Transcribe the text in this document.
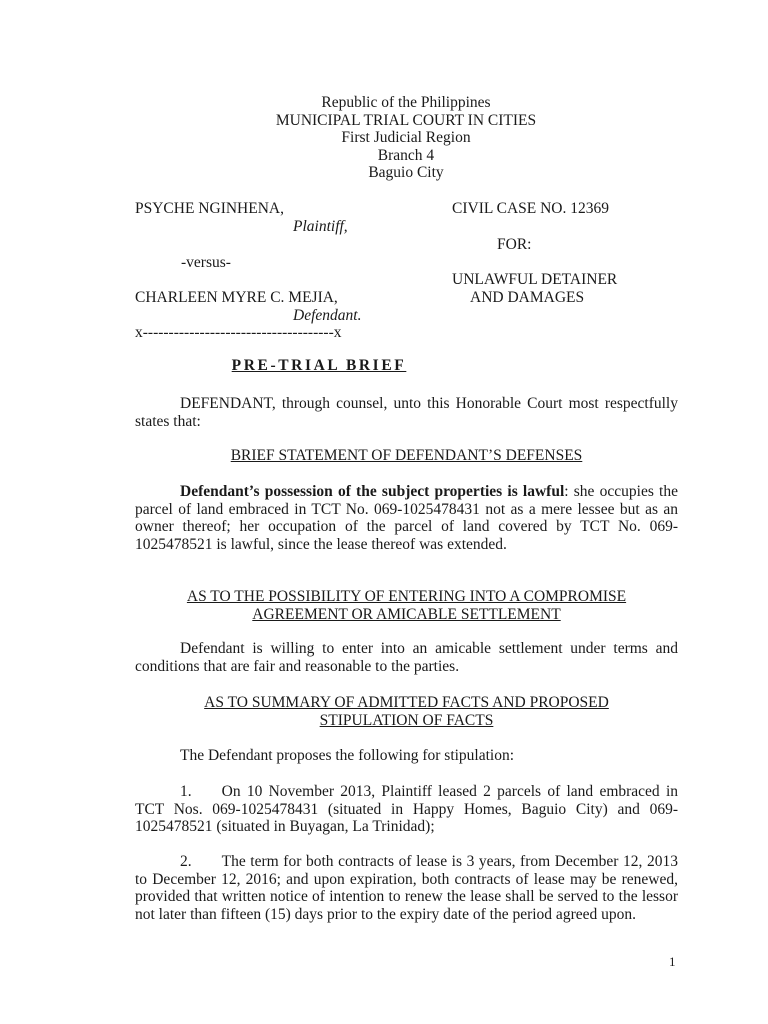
Republic of the Philippines
MUNICIPAL TRIAL COURT IN CITIES
First Judicial Region
Branch 4
Baguio City
PSYCHE NGINHENA,
Plaintiff,
-versus-
CHARLEEN MYRE C. MEJIA,
Defendant.
x-------------------------------------x
CIVIL CASE NO. 12369
FOR:
UNLAWFUL DETAINER
AND DAMAGES
PRE-TRIAL BRIEF

DEFENDANT, through counsel, unto this Honorable Court most respectfully states that:

BRIEF STATEMENT OF DEFENDANT’S DEFENSES

Defendant’s possession of the subject properties is lawful: she occupies the parcel of land embraced in TCT No. 069-1025478431 not as a mere lessee but as an owner thereof; her occupation of the parcel of land covered by TCT No. 069-1025478521 is lawful, since the lease thereof was extended.

AS TO THE POSSIBILITY OF ENTERING INTO A COMPROMISE
AGREEMENT OR AMICABLE SETTLEMENT

Defendant is willing to enter into an amicable settlement under terms and conditions that are fair and reasonable to the parties.

AS TO SUMMARY OF ADMITTED FACTS AND PROPOSED
STIPULATION OF FACTS

The Defendant proposes the following for stipulation:

1. On 10 November 2013, Plaintiff leased 2 parcels of land embraced in TCT Nos. 069-1025478431 (situated in Happy Homes, Baguio City) and 069-1025478521 (situated in Buyagan, La Trinidad);

2. The term for both contracts of lease is 3 years, from December 12, 2013 to December 12, 2016; and upon expiration, both contracts of lease may be renewed, provided that written notice of intention to renew the lease shall be served to the lessor not later than fifteen (15) days prior to the expiry date of the period agreed upon.

1
